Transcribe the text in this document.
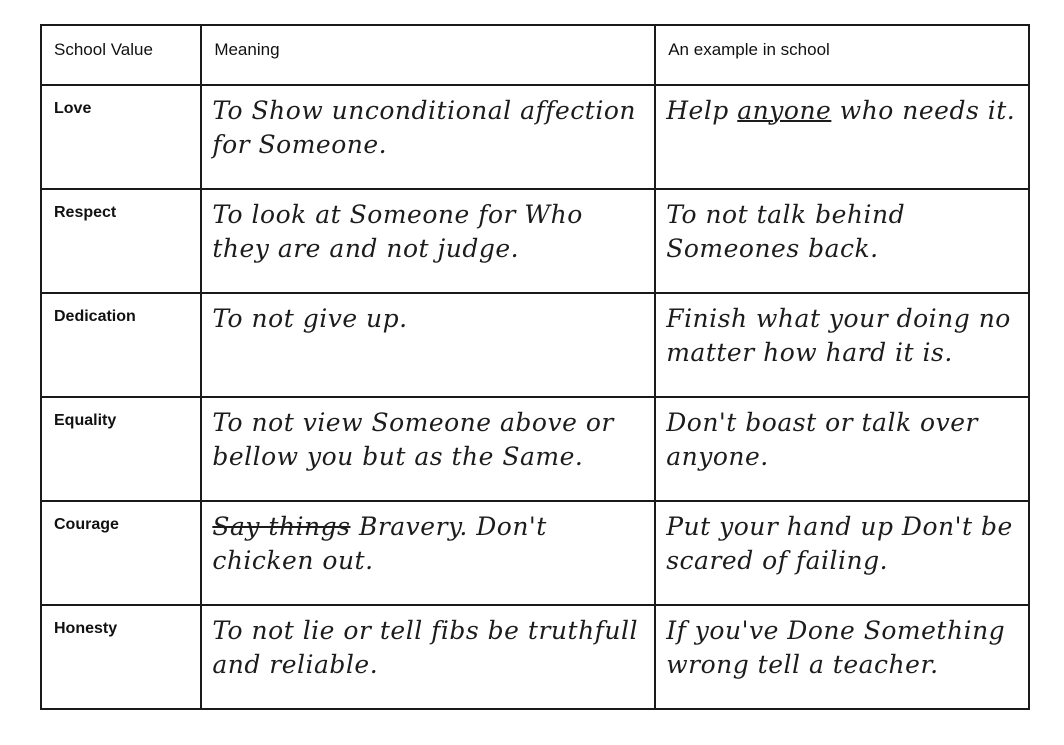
School Value	Meaning	An example in school

Love	To Show unconditional affection for Someone.	Help anyone who needs it.

Respect	To look at Someone for Who they are and not judge.	To not talk behind Someones back.

Dedication	To not give up.	Finish what your doing no matter how hard it is.

Equality	To not view Someone above or bellow you but as the Same.	Don't boast or talk over anyone.

Courage	Say things Bravery. Don't chicken out.	Put your hand up Don't be scared of failing.

Honesty	To not lie or tell fibs be truthfull and reliable.	If you've Done Something wrong tell a teacher.
